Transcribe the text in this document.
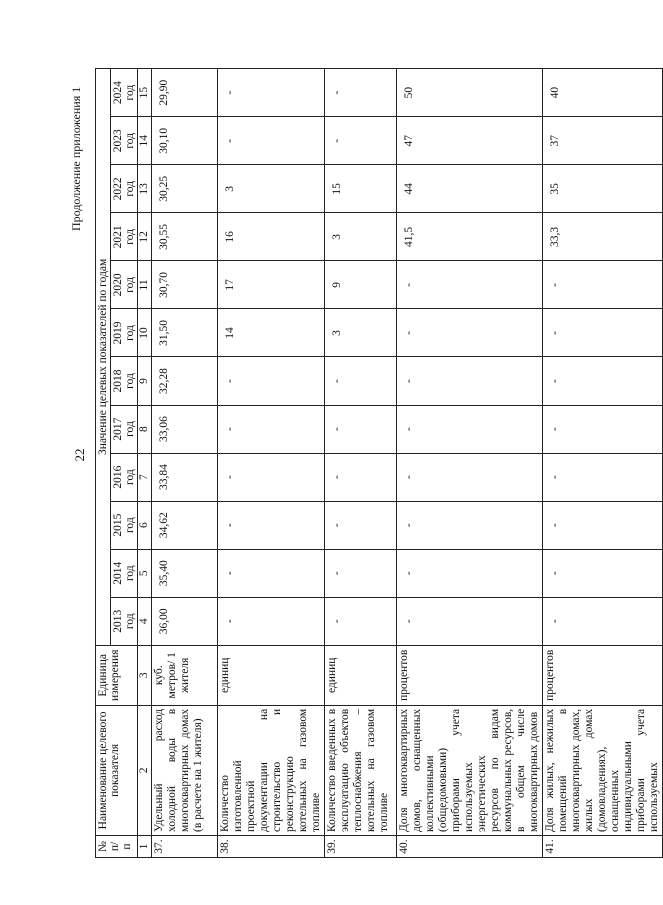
22
Продолжение приложения 1
№ п/п	Наименование целевого показателя	Единица измерения	Значение целевых показателей по годам											
			2013 год	2014 год	2015 год	2016 год	2017 год	2018 год	2019 год	2020 год	2021 год	2022 год	2023 год	2024 год
1	2	3	4	5	6	7	8	9	10	11	12	13	14	15
37.	Удельный расход холодной воды в многоквартирных домах (в расчете на 1 жителя)	куб. метров/ 1 жителя	36,00	35,40	34,62	33,84	33,06	32,28	31,50	30,70	30,55	30,25	30,10	29,90
38.	Количество изготовленной проектной документации на строительство и реконструкцию котельных на газовом топливе	единиц	-	-	-	-	-	-	14	17	16	3	-	-
39.	Количество введенных в эксплуатацию объектов теплоснабжения – котельных на газовом топливе	единиц	-	-	-	-	-	-	3	9	3	15	-	-
40.	Доля многоквартирных домов, оснащенных коллективными (общедомовыми) приборами учета используемых энергетических ресурсов по видам коммунальных ресурсов, в общем числе многоквартирных домов	процентов	-	-	-	-	-	-	-	-	41,5	44	47	50
41.	Доля жилых, нежилых помещений в многоквартирных домах, жилых домах (домовладениях), оснащенных индивидуальными приборами учета используемых	процентов	-	-	-	-	-	-	-	-	33,3	35	37	40
